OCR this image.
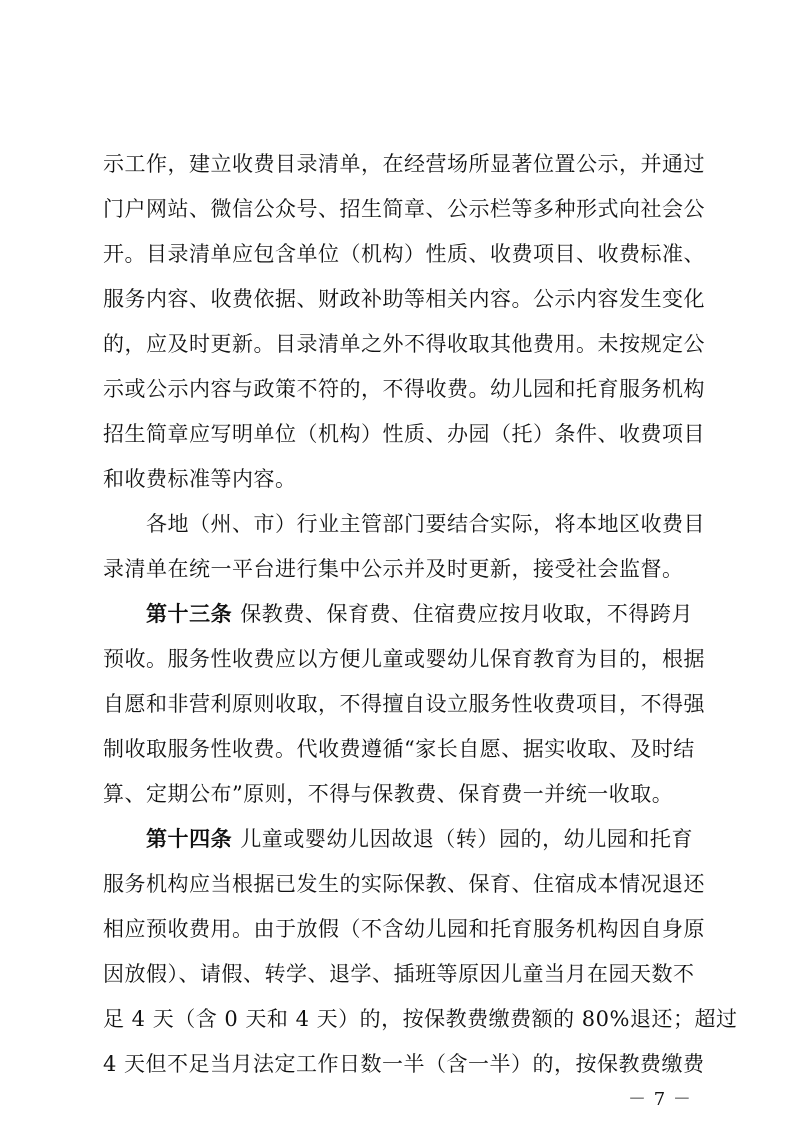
示工作，建立收费目录清单，在经营场所显著位置公示，并通过
门户网站、微信公众号、招生简章、公示栏等多种形式向社会公
开。目录清单应包含单位（机构）性质、收费项目、收费标准、
服务内容、收费依据、财政补助等相关内容。公示内容发生变化
的，应及时更新。目录清单之外不得收取其他费用。未按规定公
示或公示内容与政策不符的，不得收费。幼儿园和托育服务机构
招生简章应写明单位（机构）性质、办园（托）条件、收费项目
和收费标准等内容。
各地（州、市）行业主管部门要结合实际，将本地区收费目
录清单在统一平台进行集中公示并及时更新，接受社会监督。
第十三条 保教费、保育费、住宿费应按月收取，不得跨月
预收。服务性收费应以方便儿童或婴幼儿保育教育为目的，根据
自愿和非营利原则收取，不得擅自设立服务性收费项目，不得强
制收取服务性收费。代收费遵循“家长自愿、据实收取、及时结
算、定期公布”原则，不得与保教费、保育费一并统一收取。
第十四条 儿童或婴幼儿因故退（转）园的，幼儿园和托育
服务机构应当根据已发生的实际保教、保育、住宿成本情况退还
相应预收费用。由于放假（不含幼儿园和托育服务机构因自身原
因放假）、请假、转学、退学、插班等原因儿童当月在园天数不
足 4 天（含 0 天和 4 天）的，按保教费缴费额的 80%退还；超过
4 天但不足当月法定工作日数一半（含一半）的，按保教费缴费
－ 7 －
